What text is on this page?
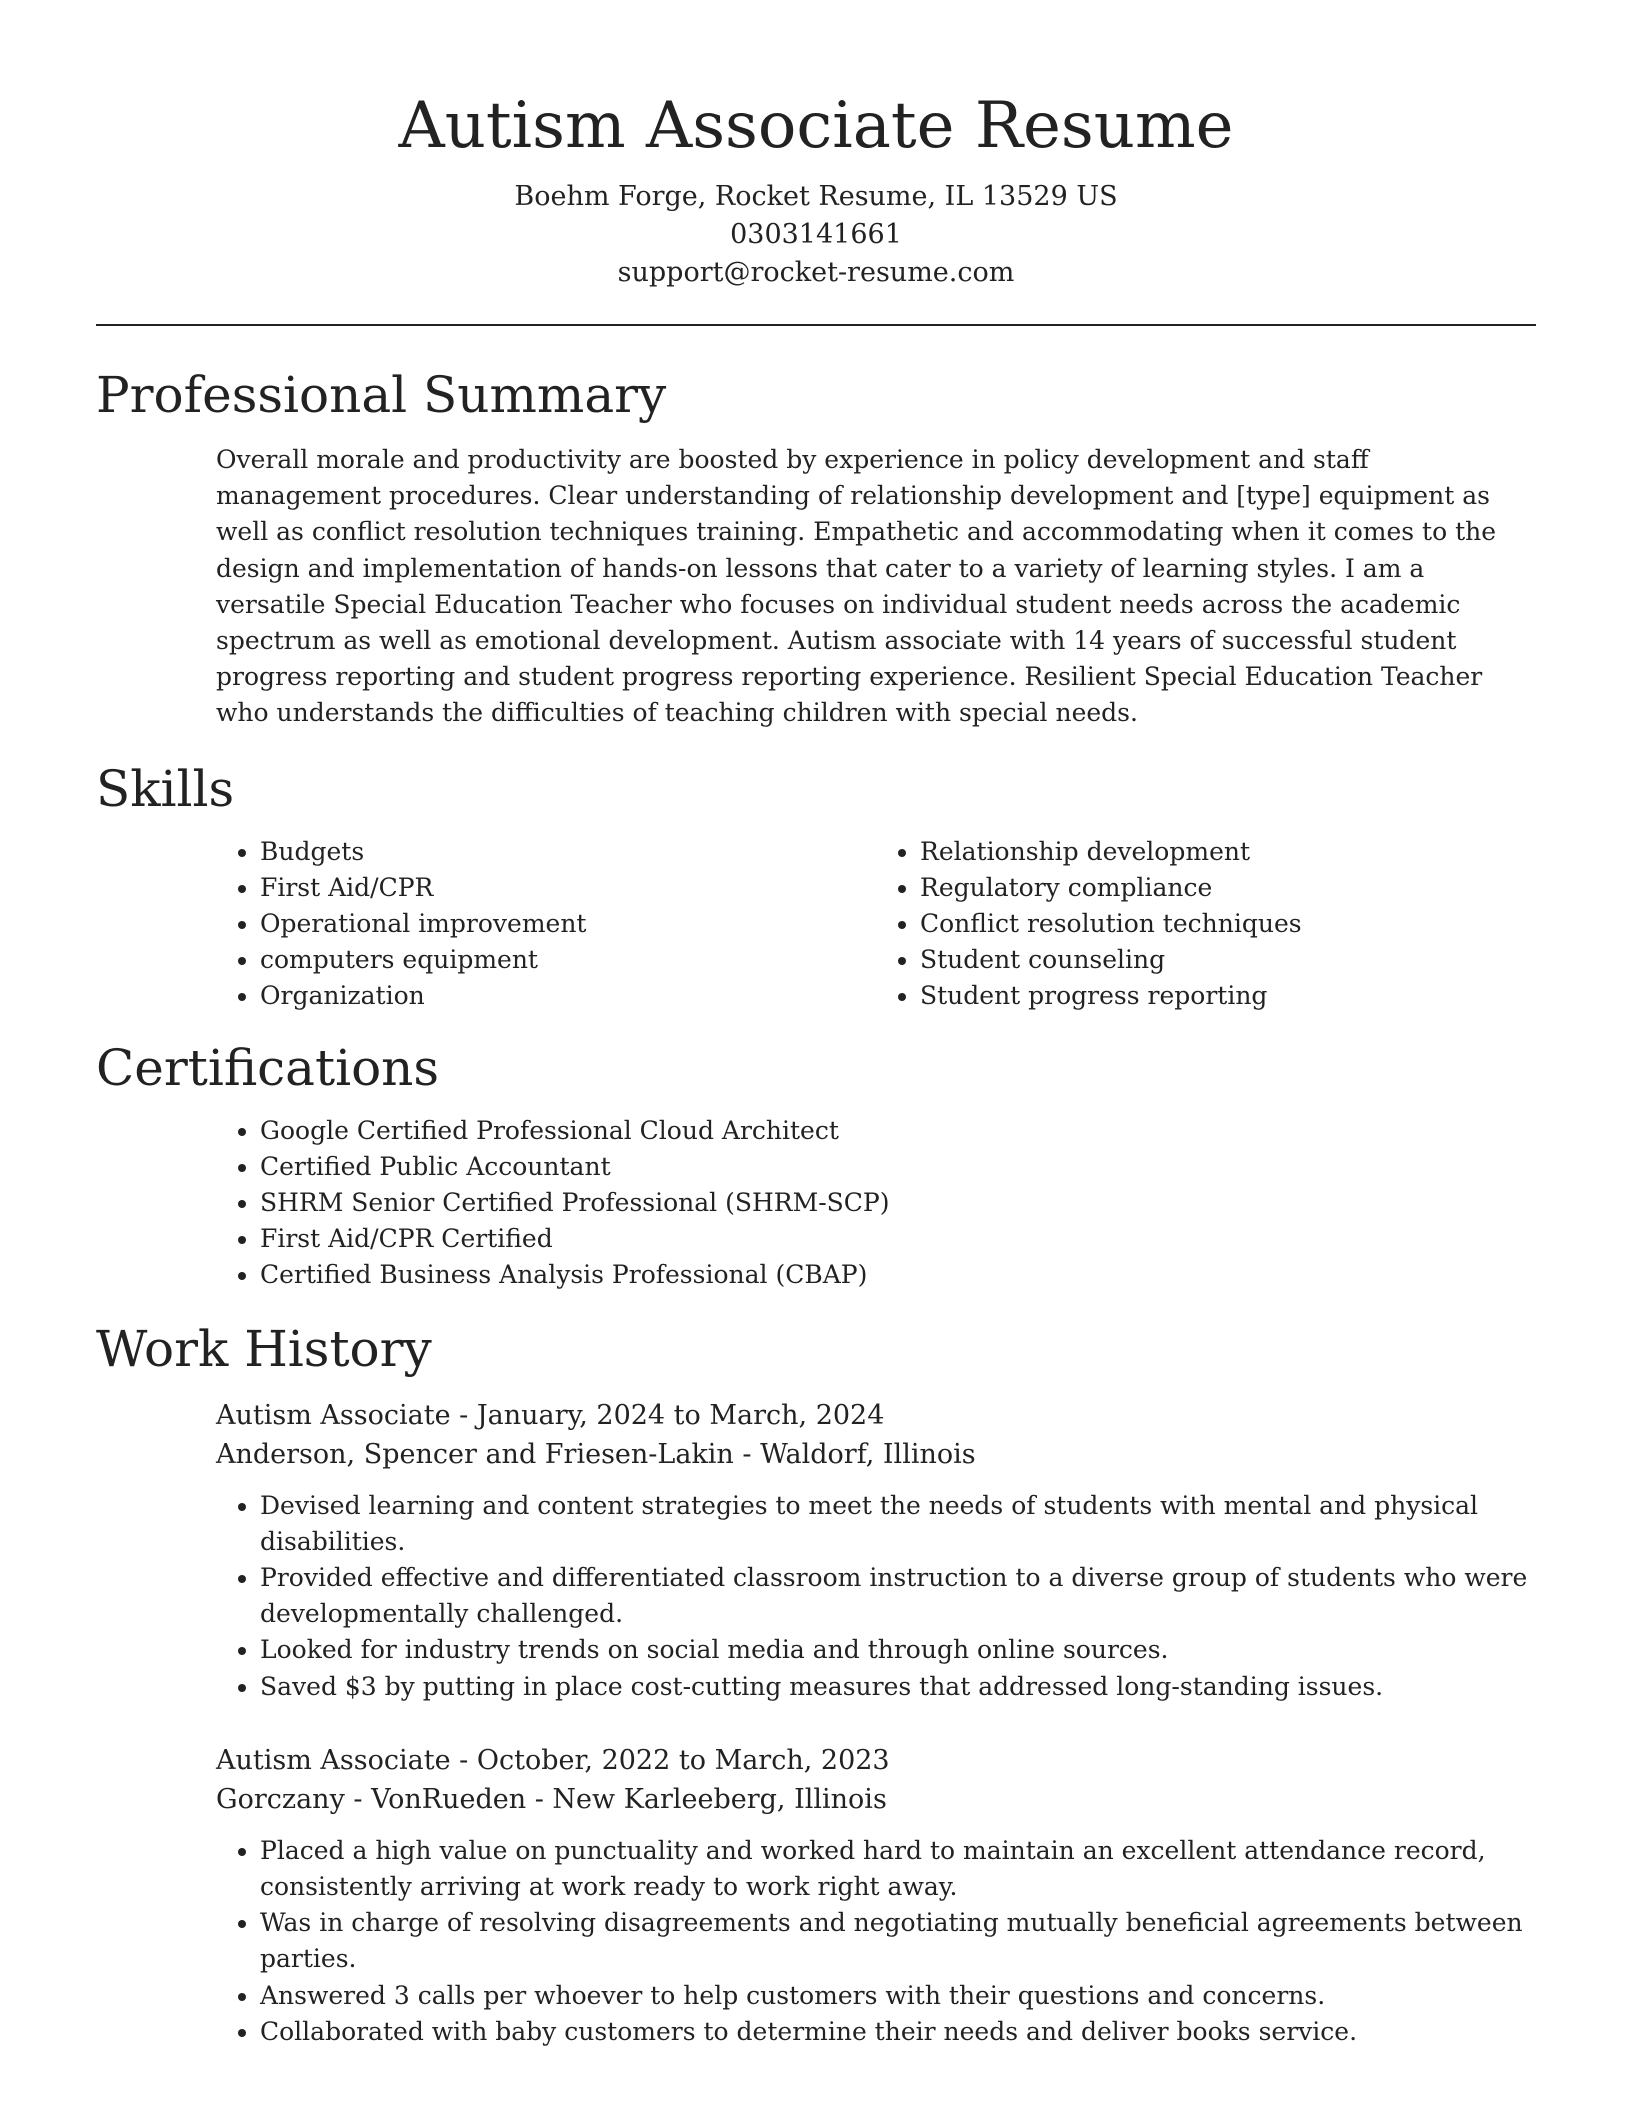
Autism Associate Resume
Boehm Forge, Rocket Resume, IL 13529 US
0303141661
support@rocket-resume.com
Professional Summary
Overall morale and productivity are boosted by experience in policy development and staff management procedures. Clear understanding of relationship development and [type] equipment as well as conflict resolution techniques training. Empathetic and accommodating when it comes to the design and implementation of hands-on lessons that cater to a variety of learning styles. I am a versatile Special Education Teacher who focuses on individual student needs across the academic spectrum as well as emotional development. Autism associate with 14 years of successful student progress reporting and student progress reporting experience. Resilient Special Education Teacher who understands the difficulties of teaching children with special needs.
Skills
• Budgets
• First Aid/CPR
• Operational improvement
• computers equipment
• Organization
• Relationship development
• Regulatory compliance
• Conflict resolution techniques
• Student counseling
• Student progress reporting
Certifications
• Google Certified Professional Cloud Architect
• Certified Public Accountant
• SHRM Senior Certified Professional (SHRM-SCP)
• First Aid/CPR Certified
• Certified Business Analysis Professional (CBAP)
Work History
Autism Associate - January, 2024 to March, 2024
Anderson, Spencer and Friesen-Lakin - Waldorf, Illinois
• Devised learning and content strategies to meet the needs of students with mental and physical disabilities.
• Provided effective and differentiated classroom instruction to a diverse group of students who were developmentally challenged.
• Looked for industry trends on social media and through online sources.
• Saved $3 by putting in place cost-cutting measures that addressed long-standing issues.
Autism Associate - October, 2022 to March, 2023
Gorczany - VonRueden - New Karleeberg, Illinois
• Placed a high value on punctuality and worked hard to maintain an excellent attendance record, consistently arriving at work ready to work right away.
• Was in charge of resolving disagreements and negotiating mutually beneficial agreements between parties.
• Answered 3 calls per whoever to help customers with their questions and concerns.
• Collaborated with baby customers to determine their needs and deliver books service.
